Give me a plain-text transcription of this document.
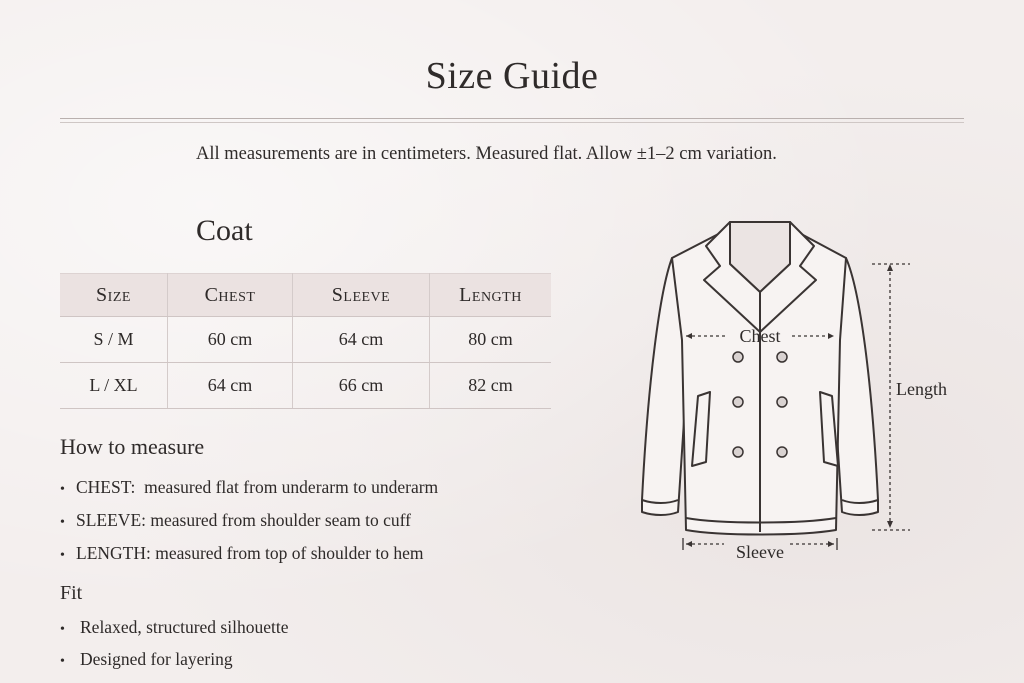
Size Guide
All measurements are in centimeters. Measured flat. Allow ±1–2 cm variation.
Coat
Size	Chest	Sleeve	Length
S / M	60 cm	64 cm	80 cm
L / XL	64 cm	66 cm	82 cm
How to measure
• CHEST: measured flat from underarm to underarm
• SLEEVE: measured from shoulder seam to cuff
• LENGTH: measured from top of shoulder to hem
Fit
• Relaxed, structured silhouette
• Designed for layering
Chest
Sleeve
Length
